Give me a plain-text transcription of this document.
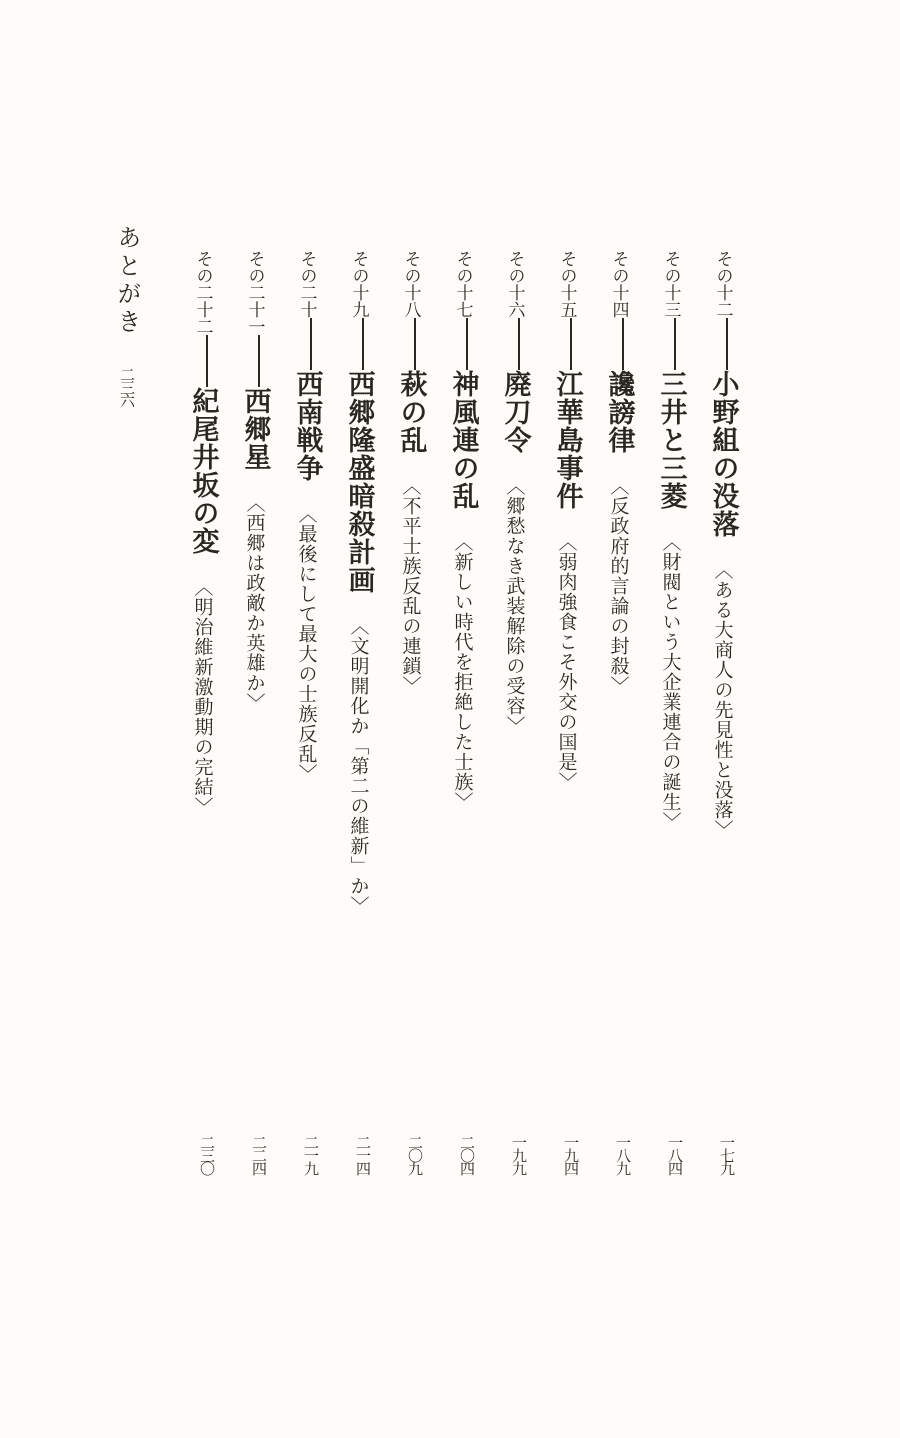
その十二小野組の没落〈ある大商人の先見性と没落〉
一七九
その十三三井と三菱〈財閥という大企業連合の誕生〉
一八四
その十四讒謗律〈反政府的言論の封殺〉
一八九
その十五江華島事件〈弱肉強食こそ外交の国是〉
一九四
その十六廃刀令〈郷愁なき武装解除の受容〉
一九九
その十七神風連の乱〈新しい時代を拒絶した士族〉
二〇四
その十八萩の乱〈不平士族反乱の連鎖〉
二〇九
その十九西郷隆盛暗殺計画〈文明開化か「第二の維新」か〉
二一四
その二十西南戦争〈最後にして最大の士族反乱〉
二一九
その二十一西郷星〈西郷は政敵か英雄か〉
二二四
その二十二紀尾井坂の変〈明治維新激動期の完結〉
二三〇
あとがき二三六
